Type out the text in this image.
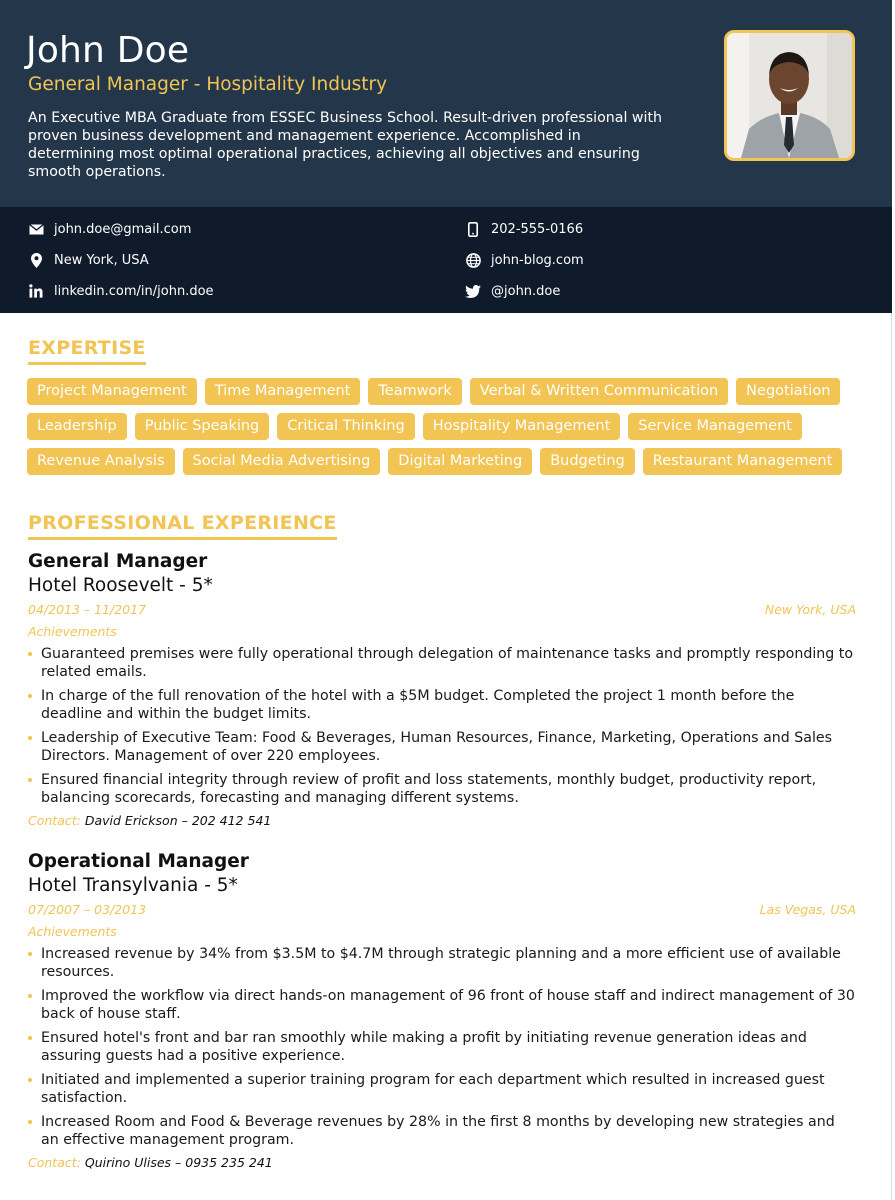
John Doe
General Manager - Hospitality Industry
An Executive MBA Graduate from ESSEC Business School. Result-driven professional with proven business development and management experience. Accomplished in determining most optimal operational practices, achieving all objectives and ensuring smooth operations.
john.doe@gmail.com	202-555-0166
New York, USA	john-blog.com
linkedin.com/in/john.doe	@john.doe
EXPERTISE
Project Management	Time Management	Teamwork	Verbal & Written Communication	Negotiation
Leadership	Public Speaking	Critical Thinking	Hospitality Management	Service Management
Revenue Analysis	Social Media Advertising	Digital Marketing	Budgeting	Restaurant Management
PROFESSIONAL EXPERIENCE
General Manager
Hotel Roosevelt - 5*
04/2013 – 11/2017	New York, USA
Achievements
Guaranteed premises were fully operational through delegation of maintenance tasks and promptly responding to related emails.
In charge of the full renovation of the hotel with a $5M budget. Completed the project 1 month before the deadline and within the budget limits.
Leadership of Executive Team: Food & Beverages, Human Resources, Finance, Marketing, Operations and Sales Directors. Management of over 220 employees.
Ensured financial integrity through review of profit and loss statements, monthly budget, productivity report, balancing scorecards, forecasting and managing different systems.
Contact: David Erickson – 202 412 541
Operational Manager
Hotel Transylvania - 5*
07/2007 – 03/2013	Las Vegas, USA
Achievements
Increased revenue by 34% from $3.5M to $4.7M through strategic planning and a more efficient use of available resources.
Improved the workflow via direct hands-on management of 96 front of house staff and indirect management of 30 back of house staff.
Ensured hotel's front and bar ran smoothly while making a profit by initiating revenue generation ideas and assuring guests had a positive experience.
Initiated and implemented a superior training program for each department which resulted in increased guest satisfaction.
Increased Room and Food & Beverage revenues by 28% in the first 8 months by developing new strategies and an effective management program.
Contact: Quirino Ulises – 0935 235 241
